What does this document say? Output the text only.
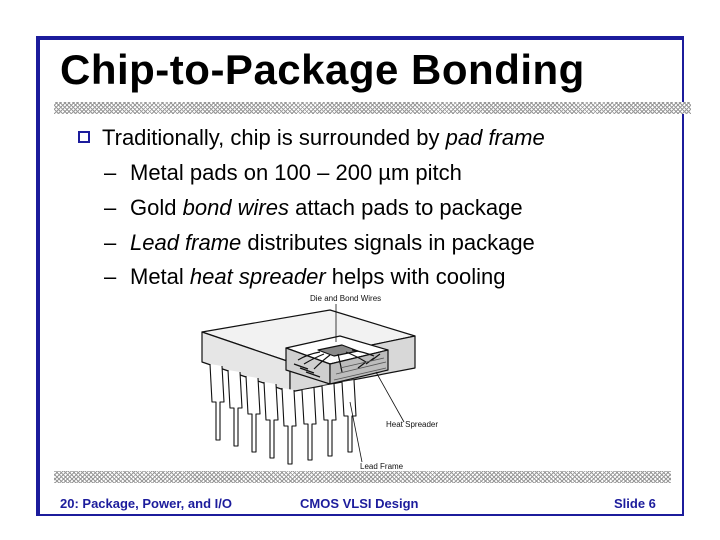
Chip-to-Package Bonding
Traditionally, chip is surrounded by pad frame
– Metal pads on 100 – 200 µm pitch
– Gold bond wires attach pads to package
– Lead frame distributes signals in package
– Metal heat spreader helps with cooling
Die and Bond Wires
Heat Spreader
Lead Frame
20: Package, Power, and I/O	CMOS VLSI Design	Slide 6
